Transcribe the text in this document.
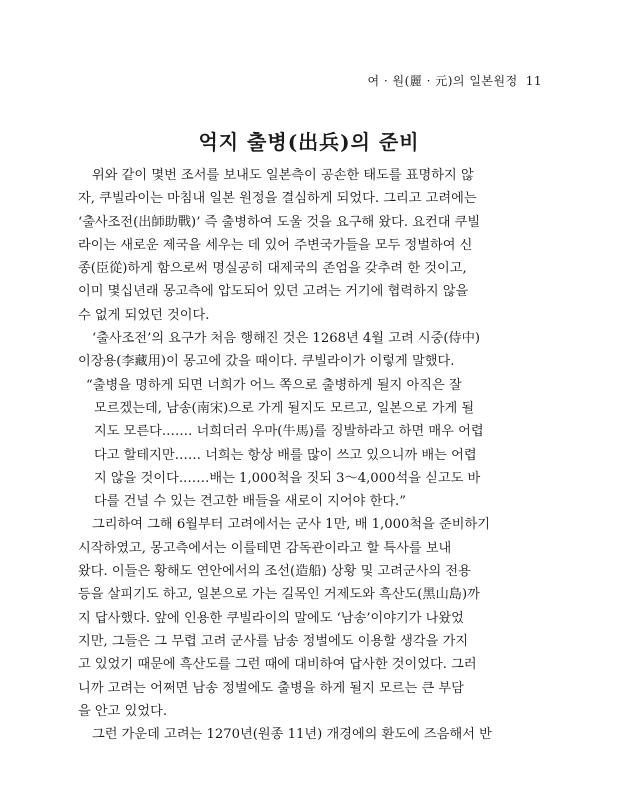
여 · 원(麗 · 元)의 일본원정 11
억지 출병(出兵)의 준비
위와 같이 몇번 조서를 보내도 일본측이 공손한 태도를 표명하지 않
자, 쿠빌라이는 마침내 일본 원정을 결심하게 되었다. 그리고 고려에는
‘출사조전(出師助戰)’ 즉 출병하여 도울 것을 요구해 왔다. 요컨대 쿠빌
라이는 새로운 제국을 세우는 데 있어 주변국가들을 모두 정벌하여 신
종(臣從)하게 함으로써 명실공히 대제국의 존엄을 갖추려 한 것이고,
이미 몇십년래 몽고측에 압도되어 있던 고려는 거기에 협력하지 않을
수 없게 되었던 것이다.
‘출사조전’의 요구가 처음 행해진 것은 1268년 4월 고려 시중(侍中)
이장용(李藏用)이 몽고에 갔을 때이다. 쿠빌라이가 이렇게 말했다.
“출병을 명하게 되면 너희가 어느 쪽으로 출병하게 될지 아직은 잘
모르겠는데, 남송(南宋)으로 가게 될지도 모르고, 일본으로 가게 될
지도 모른다.…… 너희더러 우마(牛馬)를 징발하라고 하면 매우 어렵
다고 할테지만…… 너희는 항상 배를 많이 쓰고 있으니까 배는 어렵
지 않을 것이다.……배는 1,000척을 짓되 3～4,000석을 싣고도 바
다를 건널 수 있는 견고한 배들을 새로이 지어야 한다.”
그리하여 그해 6월부터 고려에서는 군사 1만, 배 1,000척을 준비하기
시작하였고, 몽고측에서는 이를테면 감독관이라고 할 특사를 보내
왔다. 이들은 황해도 연안에서의 조선(造船) 상황 및 고려군사의 전용
등을 살피기도 하고, 일본으로 가는 길목인 거제도와 흑산도(黑山島)까
지 답사했다. 앞에 인용한 쿠빌라이의 말에도 ‘남송’이야기가 나왔었
지만, 그들은 그 무렵 고려 군사를 남송 정벌에도 이용할 생각을 가지
고 있었기 때문에 흑산도를 그런 때에 대비하여 답사한 것이었다. 그러
니까 고려는 어쩌면 남송 정벌에도 출병을 하게 될지 모르는 큰 부담
을 안고 있었다.
그런 가운데 고려는 1270년(원종 11년) 개경에의 환도에 즈음해서 반
